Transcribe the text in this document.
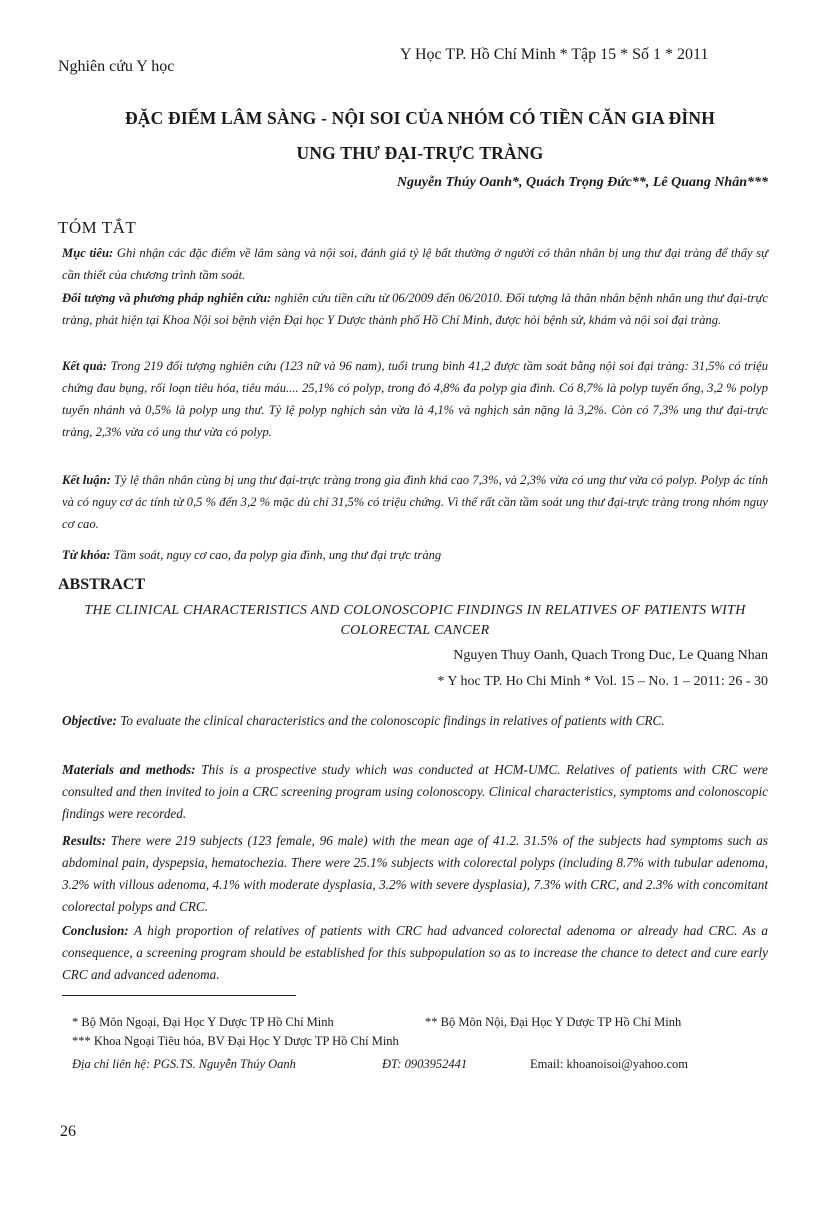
Nghiên cứu Y học
Y Học TP. Hồ Chí Minh * Tập 15 * Số 1 * 2011
ĐẶC ĐIỂM LÂM SÀNG - NỘI SOI CỦA NHÓM CÓ TIỀN CĂN GIA ĐÌNH
UNG THƯ ĐẠI-TRỰC TRÀNG
Nguyễn Thúy Oanh*, Quách Trọng Đức**, Lê Quang Nhân***
TÓM TẮT
Mục tiêu: Ghi nhận các đặc điểm về lâm sàng và nội soi, đánh giá tỷ lệ bất thường ở người có thân nhân bị ung thư đại tràng để thấy sự cần thiết của chương trình tầm soát.
Đối tượng và phương pháp nghiên cứu: nghiên cứu tiền cứu từ 06/2009 đến 06/2010. Đối tượng là thân nhân bệnh nhân ung thư đại-trực tràng, phát hiện tại Khoa Nội soi bệnh viện Đại học Y Dược thành phố Hồ Chí Minh, được hỏi bệnh sử, khám và nội soi đại tràng.
Kết quả: Trong 219 đối tượng nghiên cứu (123 nữ và 96 nam), tuổi trung bình 41,2 được tầm soát bằng nội soi đại tràng: 31,5% có triệu chứng đau bụng, rối loạn tiêu hóa, tiêu máu.... 25,1% có polyp, trong đó 4,8% đa polyp gia đình. Có 8,7% là polyp tuyến ống, 3,2 % polyp tuyến nhánh và 0,5% là polyp ung thư. Tỷ lệ polyp nghịch sản vừa là 4,1% và nghịch sản nặng là 3,2%. Còn có 7,3% ung thư đại-trực tràng, 2,3% vừa có ung thư vừa có polyp.
Kết luận: Tỷ lệ thân nhân cùng bị ung thư đại-trực tràng trong gia đình khá cao 7,3%, và 2,3% vừa có ung thư vừa có polyp. Polyp ác tính và có nguy cơ ác tính từ 0,5 % đến 3,2 % mặc dù chỉ 31,5% có triệu chứng. Vì thế rất cần tầm soát ung thư đại-trực tràng trong nhóm nguy cơ cao.
Từ khóa: Tầm soát, nguy cơ cao, đa polyp gia đình, ung thư đại trực tràng
ABSTRACT
THE CLINICAL CHARACTERISTICS AND COLONOSCOPIC FINDINGS IN RELATIVES OF PATIENTS WITH COLORECTAL CANCER
Nguyen Thuy Oanh, Quach Trong Duc, Le Quang Nhan
* Y hoc TP. Ho Chi Minh * Vol. 15 – No. 1 – 2011: 26 - 30
Objective: To evaluate the clinical characteristics and the colonoscopic findings in relatives of patients with CRC.
Materials and methods: This is a prospective study which was conducted at HCM-UMC. Relatives of patients with CRC were consulted and then invited to join a CRC screening program using colonoscopy. Clinical characteristics, symptoms and colonoscopic findings were recorded.
Results: There were 219 subjects (123 female, 96 male) with the mean age of 41.2. 31.5% of the subjects had symptoms such as abdominal pain, dyspepsia, hematochezia. There were 25.1% subjects with colorectal polyps (including 8.7% with tubular adenoma, 3.2% with villous adenoma, 4.1% with moderate dysplasia, 3.2% with severe dysplasia), 7.3% with CRC, and 2.3% with concomitant colorectal polyps and CRC.
Conclusion: A high proportion of relatives of patients with CRC had advanced colorectal adenoma or already had CRC. As a consequence, a screening program should be established for this subpopulation so as to increase the chance to detect and cure early CRC and advanced adenoma.
* Bộ Môn Ngoại, Đại Học Y Dược TP Hồ Chí Minh	** Bộ Môn Nội, Đại Học Y Dược TP Hồ Chí Minh
*** Khoa Ngoại Tiêu hóa, BV Đại Học Y Dược TP Hồ Chí Minh
Địa chỉ liên hệ: PGS.TS. Nguyễn Thúy Oanh	ĐT: 0903952441	Email: khoanoisoi@yahoo.com
26
